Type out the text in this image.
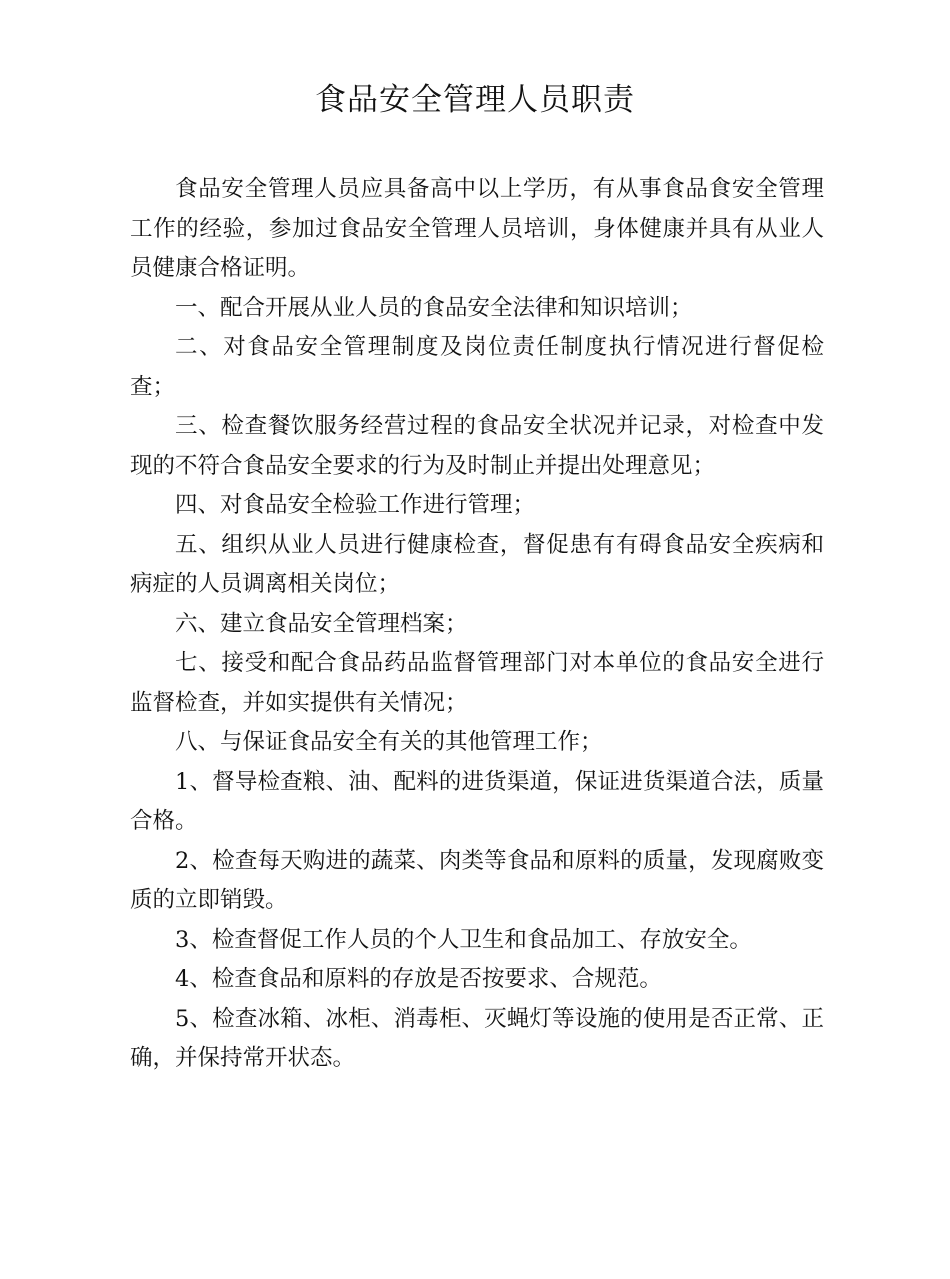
食品安全管理人员职责

食品安全管理人员应具备高中以上学历，有从事食品食安全管理工作的经验，参加过食品安全管理人员培训，身体健康并具有从业人员健康合格证明。

一、配合开展从业人员的食品安全法律和知识培训；

二、对食品安全管理制度及岗位责任制度执行情况进行督促检查；

三、检查餐饮服务经营过程的食品安全状况并记录，对检查中发现的不符合食品安全要求的行为及时制止并提出处理意见；

四、对食品安全检验工作进行管理；

五、组织从业人员进行健康检查，督促患有有碍食品安全疾病和病症的人员调离相关岗位；

六、建立食品安全管理档案；

七、接受和配合食品药品监督管理部门对本单位的食品安全进行监督检查，并如实提供有关情况；

八、与保证食品安全有关的其他管理工作；

1、督导检查粮、油、配料的进货渠道，保证进货渠道合法，质量合格。

2、检查每天购进的蔬菜、肉类等食品和原料的质量，发现腐败变质的立即销毁。

3、检查督促工作人员的个人卫生和食品加工、存放安全。

4、检查食品和原料的存放是否按要求、合规范。

5、检查冰箱、冰柜、消毒柜、灭蝇灯等设施的使用是否正常、正确，并保持常开状态。
